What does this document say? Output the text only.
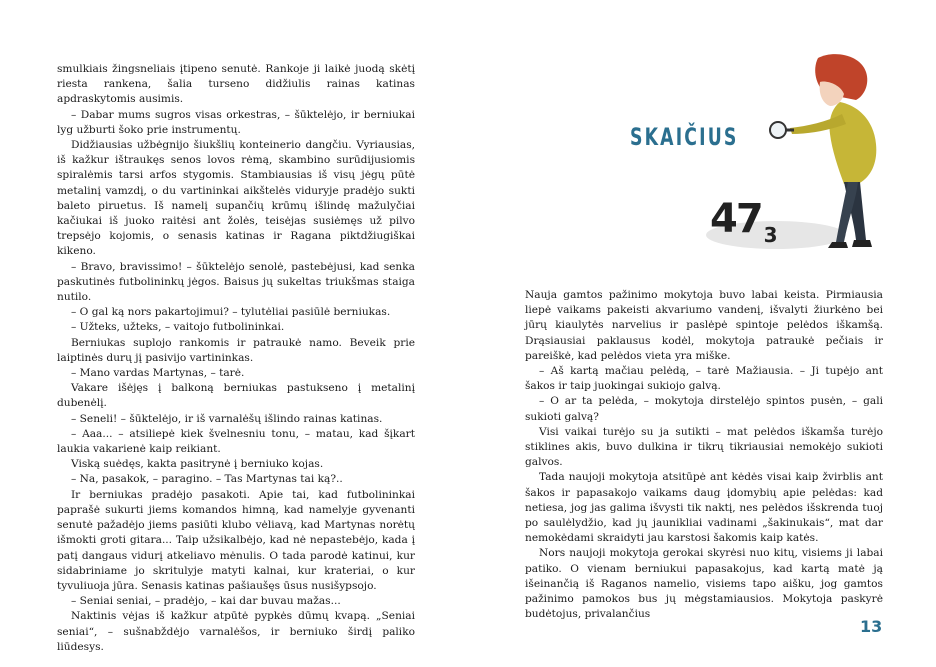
smulkiais žingsneliais įtipeno senutė. Rankoje ji laikė juodą skėtį riesta rankena, šalia turseno didžiulis rainas katinas apdraskytomis ausimis.

– Dabar mums sugros visas orkestras, – šūktelėjo, ir berniukai lyg užburti šoko prie instrumentų.

Didžiausias užbėgnijo šiukšlių konteinerio dangčiu. Vyriausias, iš kažkur ištraukęs senos lovos rėmą, skambino surūdijusiomis spiralėmis tarsi arfos stygomis. Stambiausias iš visų jėgų pūtė metalinį vamzdį, o du vartininkai aikštelės viduryje pradėjo sukti baleto piruetus. Iš namelį supančių krūmų išlindę mažulyčiai kačiukai iš juoko raitėsi ant žolės, teisėjas susiėmęs už pilvo trepsėjo kojomis, o senasis katinas ir Ragana piktdžiugiškai kikeno.

– Bravo, bravissimo! – šūktelėjo senolė, pastebėjusi, kad senka paskutinės futbolininkų jėgos. Baisus jų sukeltas triukšmas staiga nutilo.

– O gal ką nors pakartojimui? – tylutėliai pasiūlė berniukas.

– Užteks, užteks, – vaitojo futbolininkai.

Berniukas suplojo rankomis ir patraukė namo. Beveik prie laiptinės durų jį pasivijo vartininkas.

– Mano vardas Martynas, – tarė.

Vakare išėjęs į balkoną berniukas pastukseno į metalinį dubenėlį.

– Seneli! – šūktelėjo, ir iš varnalėšų išlindo rainas katinas.

– Aaa... – atsiliepė kiek švelnesniu tonu, – matau, kad šįkart laukia vakarienė kaip reikiant.

Viską suėdęs, kakta pasitrynė į berniuko kojas.

– Na, pasakok, – paragino. – Tas Martynas tai ką?..

Ir berniukas pradėjo pasakoti. Apie tai, kad futbolininkai paprašė sukurti jiems komandos himną, kad namelyje gyvenanti senutė pažadėjo jiems pasiūti klubo vėliavą, kad Martynas norėtų išmokti groti gitara... Taip užsikalbėjo, kad nė nepastebėjo, kada į patį dangaus vidurį atkeliavo mėnulis. O tada parodė katinui, kur sidabriniame jo skritulyje matyti kalnai, kur krateriai, o kur tyvuliuoja jūra. Senasis katinas pašiaušęs ūsus nusišypsojo.

– Seniai seniai, – pradėjo, – kai dar buvau mažas...

Naktinis vėjas iš kažkur atpūtė pypkės dūmų kvapą. „Seniai seniai“, – sušnabždėjo varnalėšos, ir berniuko širdį paliko liūdesys.

SKAIČIUS
47 $_3$

Nauja gamtos pažinimo mokytoja buvo labai keista. Pirmiausia liepė vaikams pakeisti akvariumo vandenį, išvalyti žiurkėno bei jūrų kiaulytės narvelius ir paslėpė spintoje pelėdos iškamšą. Drąsiausiai paklausus kodėl, mokytoja patraukė pečiais ir pareiškė, kad pelėdos vieta yra miške.

– Aš kartą mačiau pelėdą, – tarė Mažiausia. – Ji tupėjo ant šakos ir taip juokingai sukiojo galvą.

– O ar ta pelėda, – mokytoja dirstelėjo spintos pusėn, – gali sukioti galvą?

Visi vaikai turėjo su ja sutikti – mat pelėdos iškamša turėjo stiklines akis, buvo dulkina ir tikrų tikriausiai nemokėjo sukioti galvos.

Tada naujoji mokytoja atsitūpė ant kėdės visai kaip žvirblis ant šakos ir papasakojo vaikams daug įdomybių apie pelėdas: kad netiesa, jog jas galima išvysti tik naktį, nes pelėdos išskrenda tuoj po saulėlydžio, kad jų jaunikliai vadinami „šakinukais“, mat dar nemokėdami skraidyti jau karstosi šakomis kaip katės.

Nors naujoji mokytoja gerokai skyrėsi nuo kitų, visiems ji labai patiko. O vienam berniukui papasakojus, kad kartą matė ją išeinančią iš Raganos namelio, visiems tapo aišku, jog gamtos pažinimo pamokos bus jų mėgstamiausios. Mokytoja paskyrė budėtojus, privalančius

13
